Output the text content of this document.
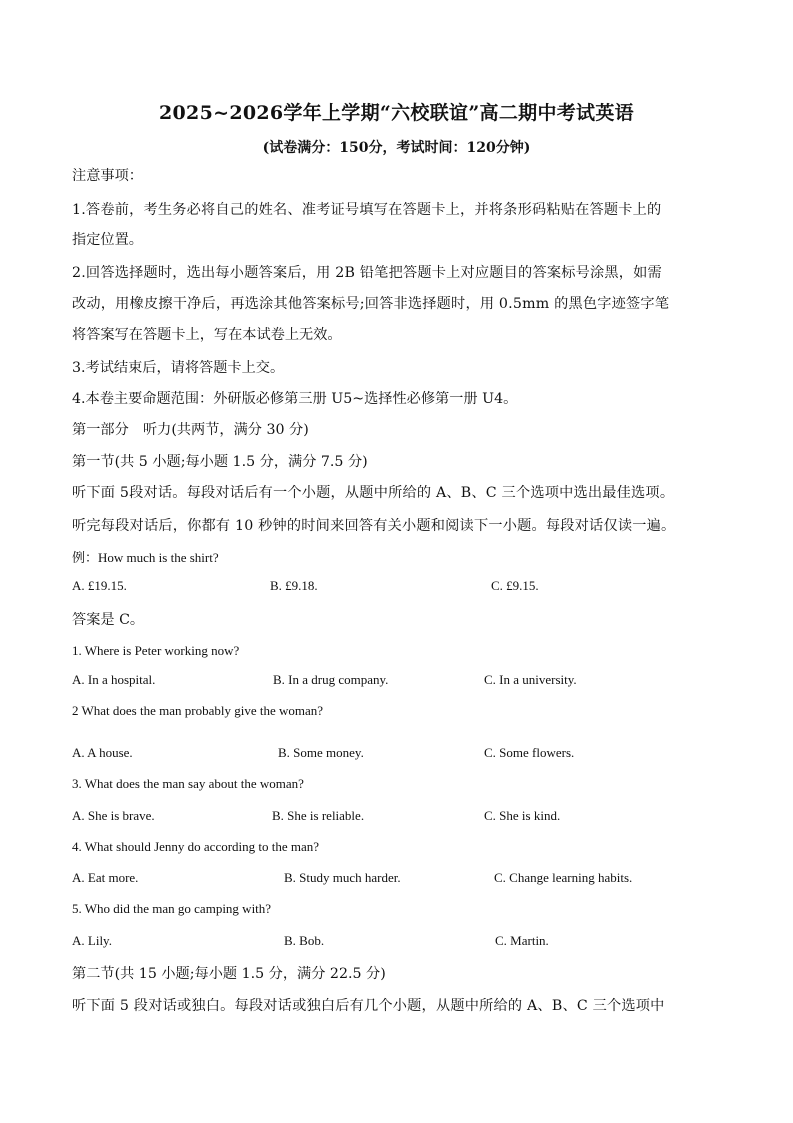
2025~2026学年上学期“六校联谊”高二期中考试英语
(试卷满分：150分，考试时间：120分钟)
注意事项：
1.答卷前，考生务必将自己的姓名、准考证号填写在答题卡上，并将条形码粘贴在答题卡上的
指定位置。
2.回答选择题时，选出每小题答案后，用 2B 铅笔把答题卡上对应题目的答案标号涂黑，如需
改动，用橡皮擦干净后，再选涂其他答案标号;回答非选择题时，用 0.5mm 的黑色字迹签字笔
将答案写在答题卡上，写在本试卷上无效。
3.考试结束后，请将答题卡上交。
4.本卷主要命题范围：外研版必修第三册 U5~选择性必修第一册 U4。
第一部分　听力(共两节，满分 30 分)
第一节(共 5 小题;每小题 1.5 分，满分 7.5 分)
听下面 5段对话。每段对话后有一个小题，从题中所给的 A、B、C 三个选项中选出最佳选项。
听完每段对话后，你都有 10 秒钟的时间来回答有关小题和阅读下一小题。每段对话仅读一遍。
例：How much is the shirt?
A. £19.15.	B. £9.18.	C. £9.15.
答案是 C。
1. Where is Peter working now?
A. In a hospital.	B. In a drug company.	C. In a university.
2 What does the man probably give the woman?
A. A house.	B. Some money.	C. Some flowers.
3. What does the man say about the woman?
A. She is brave.	B. She is reliable.	C. She is kind.
4. What should Jenny do according to the man?
A. Eat more.	B. Study much harder.	C. Change learning habits.
5. Who did the man go camping with?
A. Lily.	B. Bob.	C. Martin.
第二节(共 15 小题;每小题 1.5 分，满分 22.5 分)
听下面 5 段对话或独白。每段对话或独白后有几个小题，从题中所给的 A、B、C 三个选项中
